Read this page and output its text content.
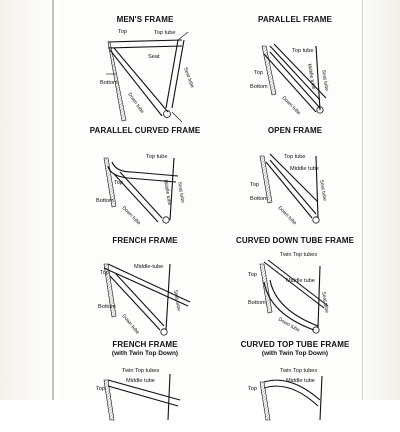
MEN'S FRAME
Top	Top tube
Seat
Bottom	Seat tube
Down tube
PARALLEL FRAME
Top tube
Top	Middle tube Seat tube
Bottom
Down tube
PARALLEL CURVED FRAME
Top tube
Top	Middle tube Seat tube
Bottom
Down tube
OPEN FRAME
Top tube
Middle tube
Top	Seat tube
Bottom
Down tube
FRENCH FRAME
Top
Middle-tube
Seat tube
Bottom
Down tube
CURVED DOWN TUBE FRAME
Twin Top tubes
Top
Middle tube
Seat tube
Bottom
Down tube
FRENCH FRAME
(with Twin Top Down)
Twin Top tubes
Middle tube
Top
CURVED TOP TUBE FRAME
(with Twin Top Down)
Twin Top tubes
Middle tube
Top
